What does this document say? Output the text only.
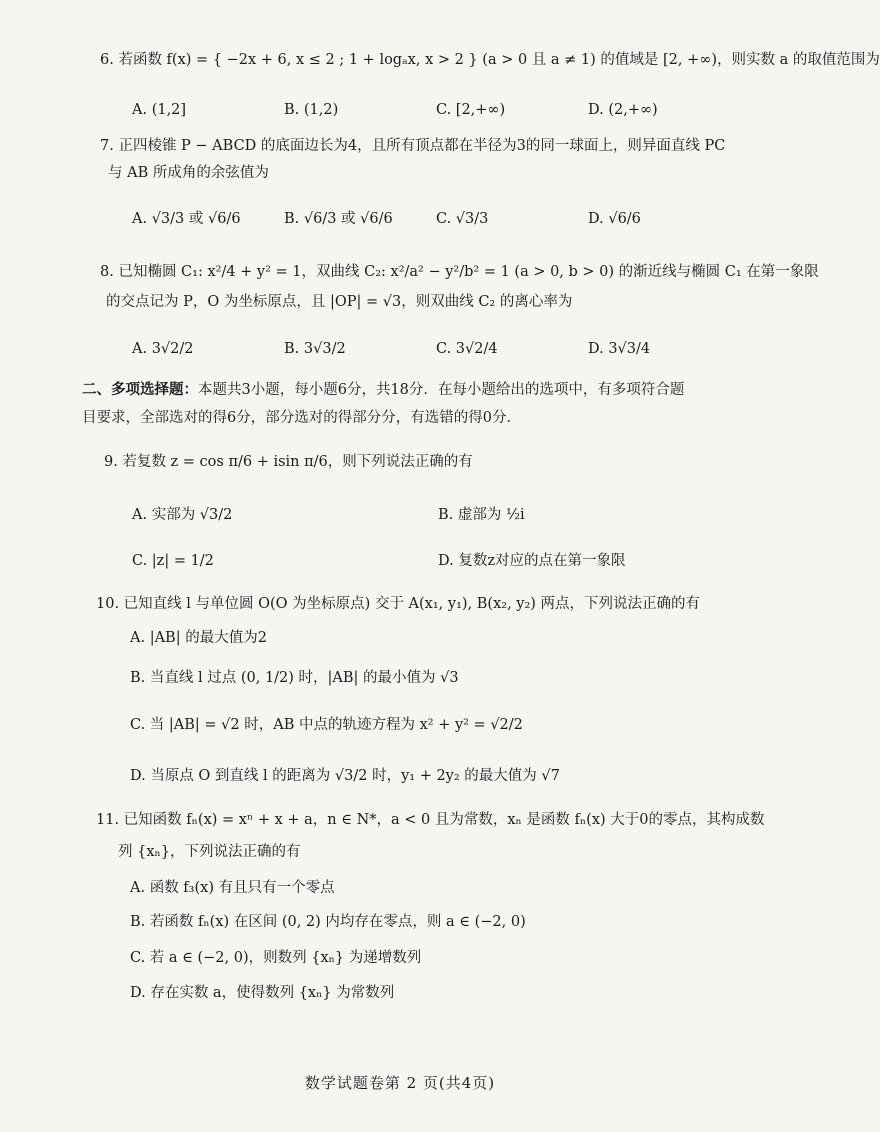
6. 若函数 f(x) = { −2x + 6, x ≤ 2 ; 1 + logₐx, x > 2 } (a > 0 且 a ≠ 1) 的值域是 [2, +∞)，则实数 a 的取值范围为
A. (1,2]	B. (1,2)	C. [2,+∞)	D. (2,+∞)
7. 正四棱锥 P − ABCD 的底面边长为4，且所有顶点都在半径为3的同一球面上，则异面直线 PC
与 AB 所成角的余弦值为
A. √3/3 或 √6/6	B. √6/3 或 √6/6	C. √3/3	D. √6/6
8. 已知椭圆 C₁: x²/4 + y² = 1，双曲线 C₂: x²/a² − y²/b² = 1 (a > 0, b > 0) 的渐近线与椭圆 C₁ 在第一象限
的交点记为 P，O 为坐标原点，且 |OP| = √3，则双曲线 C₂ 的离心率为
A. 3√2/2	B. 3√3/2	C. 3√2/4	D. 3√3/4
二、多项选择题：本题共3小题，每小题6分，共18分．在每小题给出的选项中，有多项符合题
目要求，全部选对的得6分，部分选对的得部分分，有选错的得0分．
9. 若复数 z = cos π/6 + isin π/6，则下列说法正确的有
A. 实部为 √3/2	B. 虚部为 ½i
C. |z| = 1/2	D. 复数z对应的点在第一象限
10. 已知直线 l 与单位圆 O(O 为坐标原点) 交于 A(x₁, y₁), B(x₂, y₂) 两点，下列说法正确的有
A. |AB| 的最大值为2
B. 当直线 l 过点 (0, 1/2) 时，|AB| 的最小值为 √3
C. 当 |AB| = √2 时，AB 中点的轨迹方程为 x² + y² = √2/2
D. 当原点 O 到直线 l 的距离为 √3/2 时，y₁ + 2y₂ 的最大值为 √7
11. 已知函数 fₙ(x) = xⁿ + x + a，n ∈ N*，a < 0 且为常数，xₙ 是函数 fₙ(x) 大于0的零点，其构成数
列 {xₙ}，下列说法正确的有
A. 函数 f₃(x) 有且只有一个零点
B. 若函数 fₙ(x) 在区间 (0, 2) 内均存在零点，则 a ∈ (−2, 0)
C. 若 a ∈ (−2, 0)，则数列 {xₙ} 为递增数列
D. 存在实数 a，使得数列 {xₙ} 为常数列
数学试题卷第 2 页(共4页)
